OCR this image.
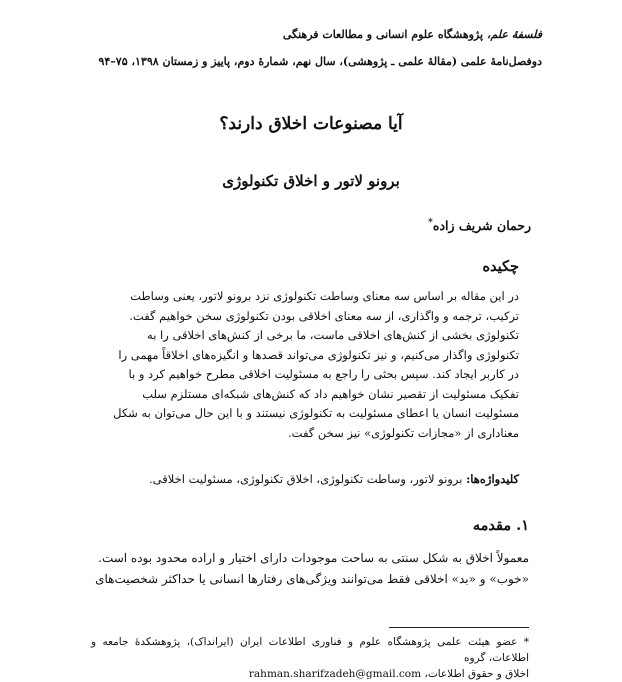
فلسفهٔ علم، پژوهشگاه علوم انسانی و مطالعات فرهنگی
دوفصل‌نامهٔ علمی (مقالهٔ علمی ـ پژوهشی)، سال نهم، شمارهٔ دوم، پاییز و زمستان ۱۳۹۸، ۷۵–۹۴
آیا مصنوعات اخلاق دارند؟
برونو لاتور و اخلاق تکنولوژی
رحمان شریف زاده*
چکیده
در این مقاله بر اساس سه معنای وساطت تکنولوژی نزد برونو لاتور، یعنی وساطت
ترکیب، ترجمه و واگذاری، از سه معنای اخلاقی بودن تکنولوژی سخن خواهیم گفت.
تکنولوژی بخشی از کنش‌های اخلاقی ماست، ما برخی از کنش‌های اخلاقی را به
تکنولوژی واگذار می‌کنیم، و نیز تکنولوژی می‌تواند قصدها و انگیزه‌های اخلاقاً مهمی را
در کاربر ایجاد کند. سپس بحثی را راجع به مسئولیت اخلاقی مطرح خواهیم کرد و با
تفکیک مسئولیت از تقصیر نشان خواهیم داد که کنش‌های شبکه‌ای مستلزم سلب
مسئولیت انسان یا اعطای مسئولیت به تکنولوژی نیستند و با این حال می‌توان به شکل
معناداری از «مجازات تکنولوژی» نیز سخن گفت.
کلیدواژه‌ها: برونو لاتور، وساطت تکنولوژی، اخلاق تکنولوژی، مسئولیت اخلاقی.
۱. مقدمه
معمولاً اخلاق به شکل سنتی به ساحت موجودات دارای اختیار و اراده محدود بوده است.
«خوب» و «بد» اخلاقی فقط می‌توانند ویژگی‌های رفتارها انسانی یا حداکثر شخصیت‌های
* عضو هیئت علمی پژوهشگاه علوم و فناوری اطلاعات ایران (ایرانداک)، پژوهشکدهٔ جامعه و اطلاعات، گروه
اخلاق و حقوق اطلاعات، rahman.sharifzadeh@gmail.com
